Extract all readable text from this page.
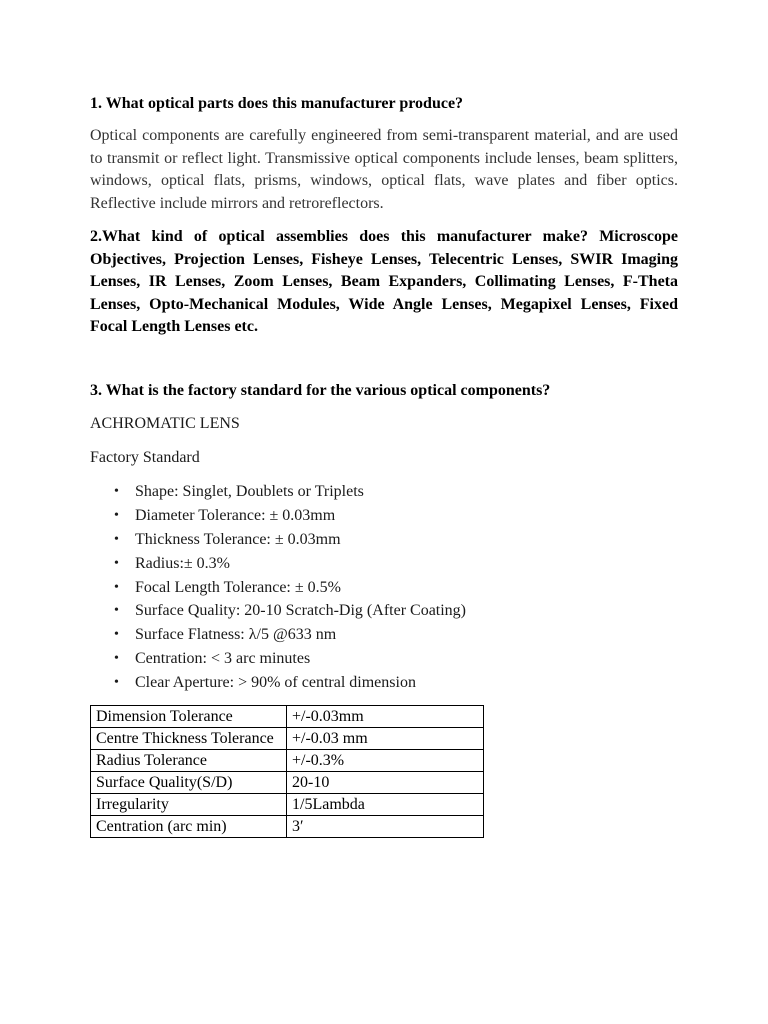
1. What optical parts does this manufacturer produce?

Optical components are carefully engineered from semi-transparent material, and are used to transmit or reflect light. Transmissive optical components include lenses, beam splitters, windows, optical flats, prisms, windows, optical flats, wave plates and fiber optics. Reflective include mirrors and retroreflectors.

2.What kind of optical assemblies does this manufacturer make? Microscope Objectives, Projection Lenses, Fisheye Lenses, Telecentric Lenses, SWIR Imaging Lenses, IR Lenses, Zoom Lenses, Beam Expanders, Collimating Lenses, F-Theta Lenses, Opto-Mechanical Modules, Wide Angle Lenses, Megapixel Lenses, Fixed Focal Length Lenses etc.

3. What is the factory standard for the various optical components?

ACHROMATIC LENS

Factory Standard

• Shape: Singlet, Doublets or Triplets
• Diameter Tolerance: ± 0.03mm
• Thickness Tolerance: ± 0.03mm
• Radius:± 0.3%
• Focal Length Tolerance: ± 0.5%
• Surface Quality: 20-10 Scratch-Dig (After Coating)
• Surface Flatness: λ/5 @633 nm
• Centration: < 3 arc minutes
• Clear Aperture: > 90% of central dimension
Dimension Tolerance	+/-0.03mm
Centre Thickness Tolerance	+/-0.03 mm
Radius Tolerance	+/-0.3%
Surface Quality(S/D)	20-10
Irregularity	1/5Lambda
Centration (arc min)	3′
